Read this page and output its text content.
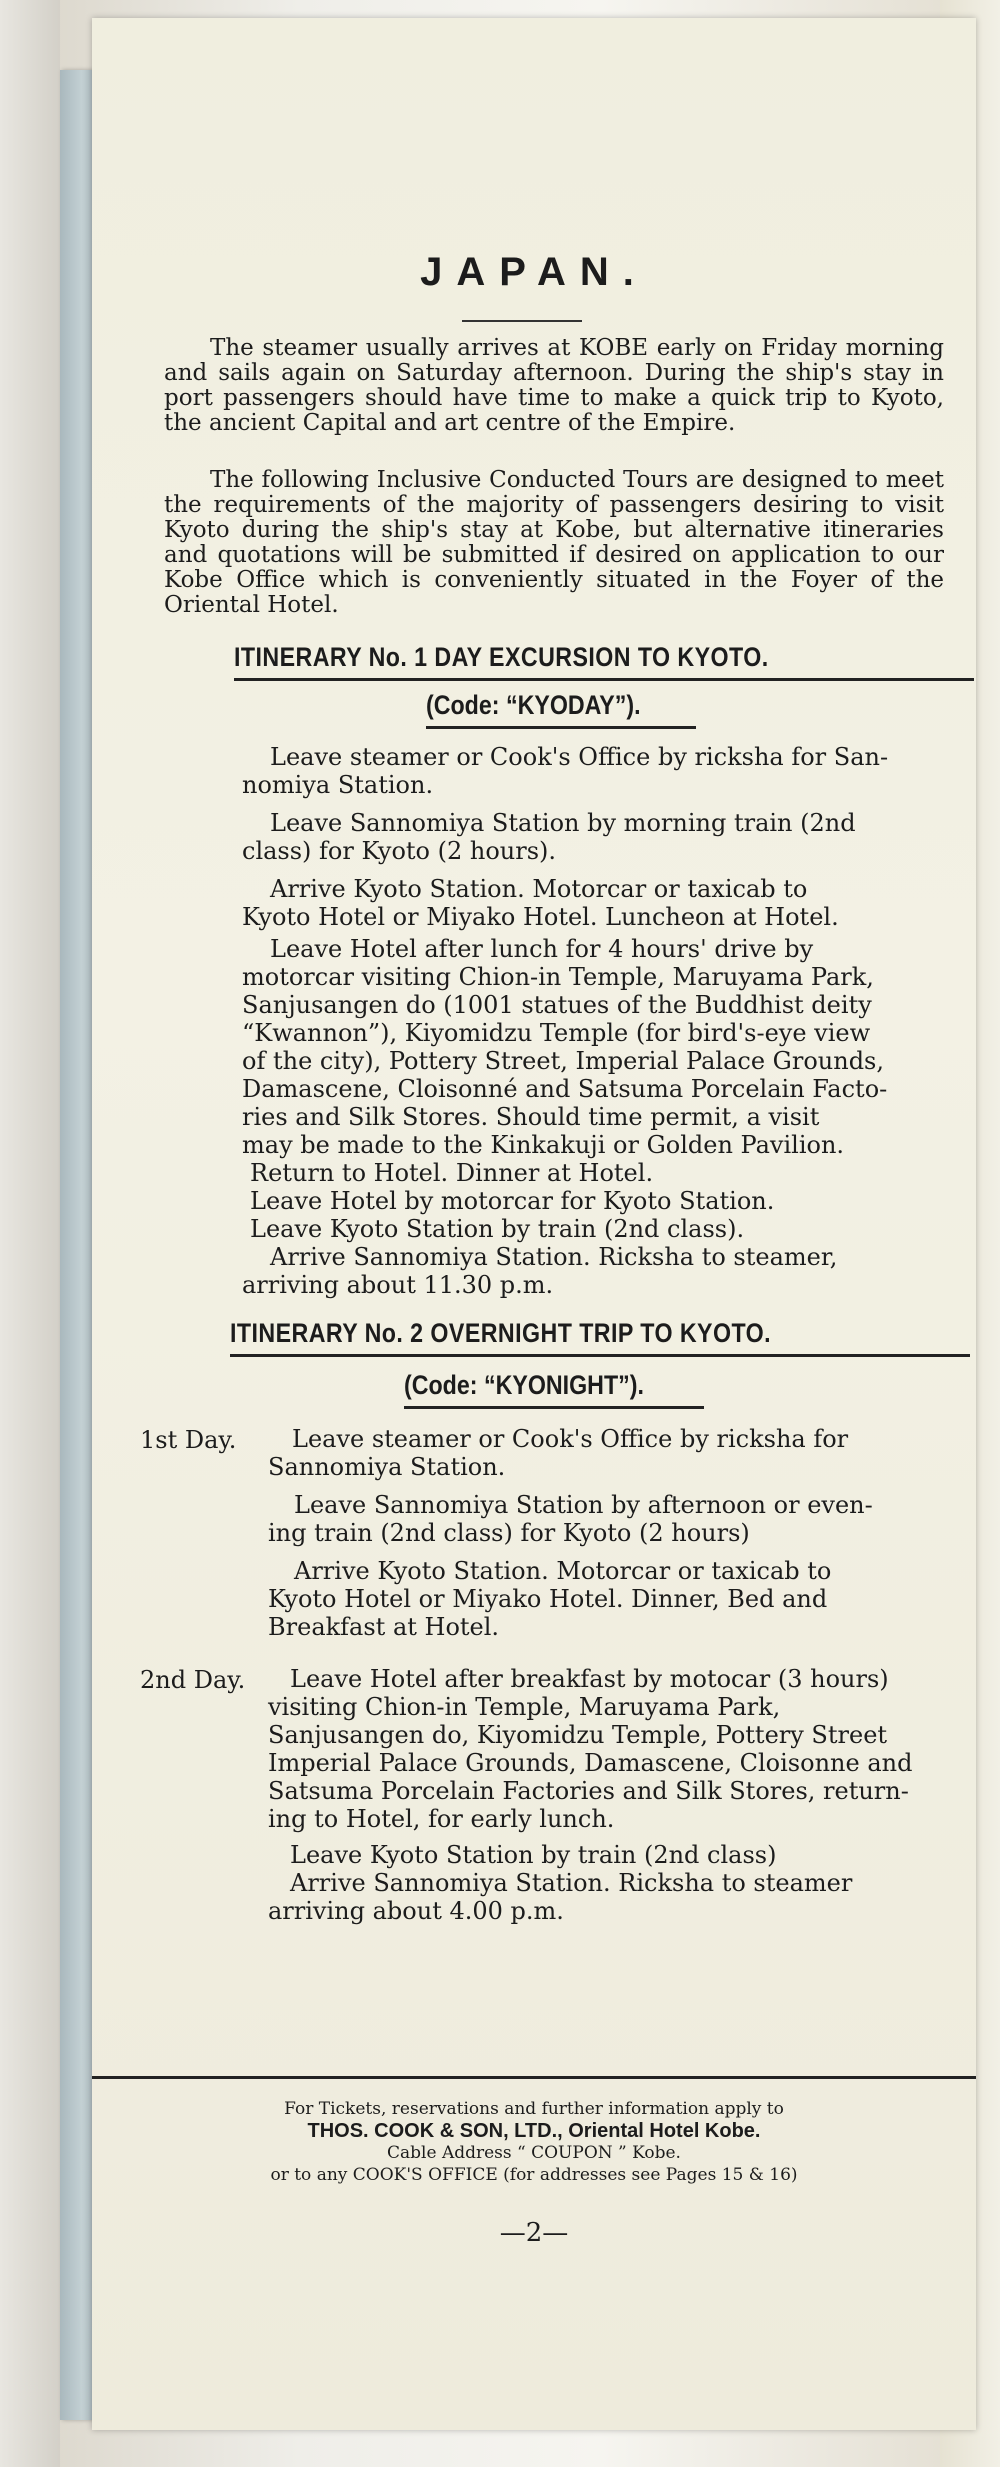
JAPAN.

The steamer usually arrives at KOBE early on Friday morning and sails again on Saturday afternoon. During the ship's stay in port passengers should have time to make a quick trip to Kyoto, the ancient Capital and art centre of the Empire.

The following Inclusive Conducted Tours are designed to meet the requirements of the majority of passengers desiring to visit Kyoto during the ship's stay at Kobe, but alternative itineraries and quotations will be submitted if desired on application to our Kobe Office which is conveniently situated in the Foyer of the Oriental Hotel.

ITINERARY No. 1 DAY EXCURSION TO KYOTO.
(Code: “KYODAY”).
Leave steamer or Cook's Office by ricksha for San-
nomiya Station.
Leave Sannomiya Station by morning train (2nd
class) for Kyoto (2 hours).
Arrive Kyoto Station. Motorcar or taxicab to
Kyoto Hotel or Miyako Hotel. Luncheon at Hotel.
Leave Hotel after lunch for 4 hours' drive by
motorcar visiting Chion-in Temple, Maruyama Park,
Sanjusangen do (1001 statues of the Buddhist deity
“Kwannon”), Kiyomidzu Temple (for bird's-eye view
of the city), Pottery Street, Imperial Palace Grounds,
Damascene, Cloisonné and Satsuma Porcelain Facto-
ries and Silk Stores. Should time permit, a visit
may be made to the Kinkakuji or Golden Pavilion.
Return to Hotel. Dinner at Hotel.
Leave Hotel by motorcar for Kyoto Station.
Leave Kyoto Station by train (2nd class).
Arrive Sannomiya Station. Ricksha to steamer,
arriving about 11.30 p.m.
ITINERARY No. 2 OVERNIGHT TRIP TO KYOTO.
(Code: “KYONIGHT”).
1st Day. Leave steamer or Cook's Office by ricksha for
Sannomiya Station.
Leave Sannomiya Station by afternoon or even-
ing train (2nd class) for Kyoto (2 hours)
Arrive Kyoto Station. Motorcar or taxicab to
Kyoto Hotel or Miyako Hotel. Dinner, Bed and
Breakfast at Hotel.
2nd Day. Leave Hotel after breakfast by motocar (3 hours)
visiting Chion-in Temple, Maruyama Park,
Sanjusangen do, Kiyomidzu Temple, Pottery Street
Imperial Palace Grounds, Damascene, Cloisonne and
Satsuma Porcelain Factories and Silk Stores, return-
ing to Hotel, for early lunch.
Leave Kyoto Station by train (2nd class)
Arrive Sannomiya Station. Ricksha to steamer
arriving about 4.00 p.m.
For Tickets, reservations and further information apply to
THOS. COOK & SON, LTD., Oriental Hotel Kobe.
Cable Address “ COUPON ” Kobe.
or to any COOK'S OFFICE (for addresses see Pages 15 & 16)
—2—
